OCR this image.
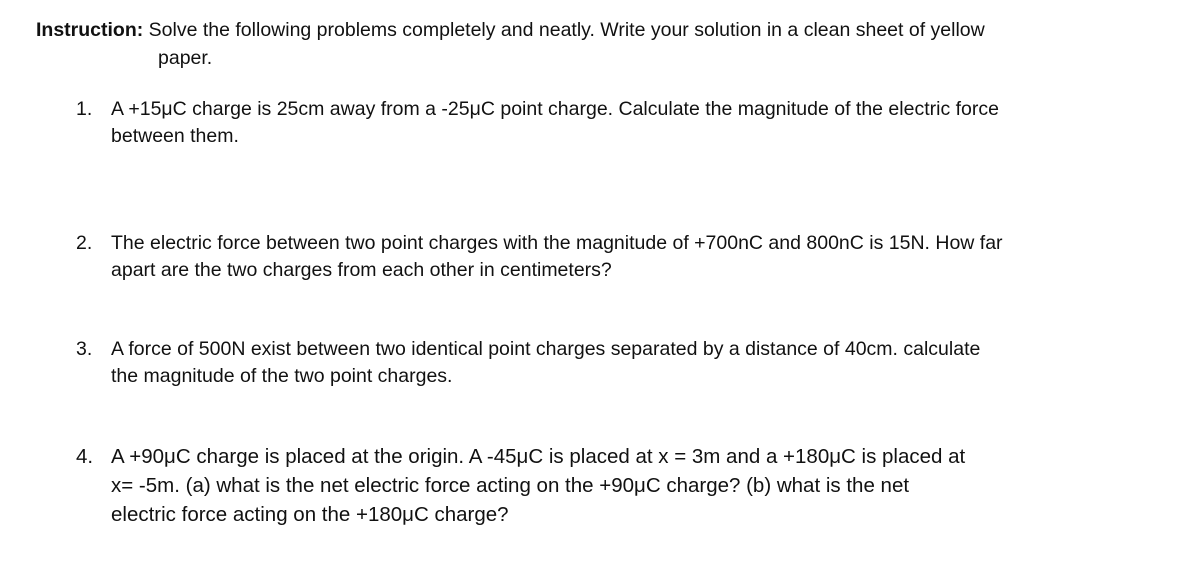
Instruction: Solve the following problems completely and neatly. Write your solution in a clean sheet of yellow
paper.
1. A +15μC charge is 25cm away from a -25μC point charge. Calculate the magnitude of the electric force
between them.
2. The electric force between two point charges with the magnitude of +700nC and 800nC is 15N. How far
apart are the two charges from each other in centimeters?
3. A force of 500N exist between two identical point charges separated by a distance of 40cm. calculate
the magnitude of the two point charges.
4. A +90μC charge is placed at the origin. A -45μC is placed at x = 3m and a +180μC is placed at
x= -5m. (a) what is the net electric force acting on the +90μC charge? (b) what is the net
electric force acting on the +180μC charge?
